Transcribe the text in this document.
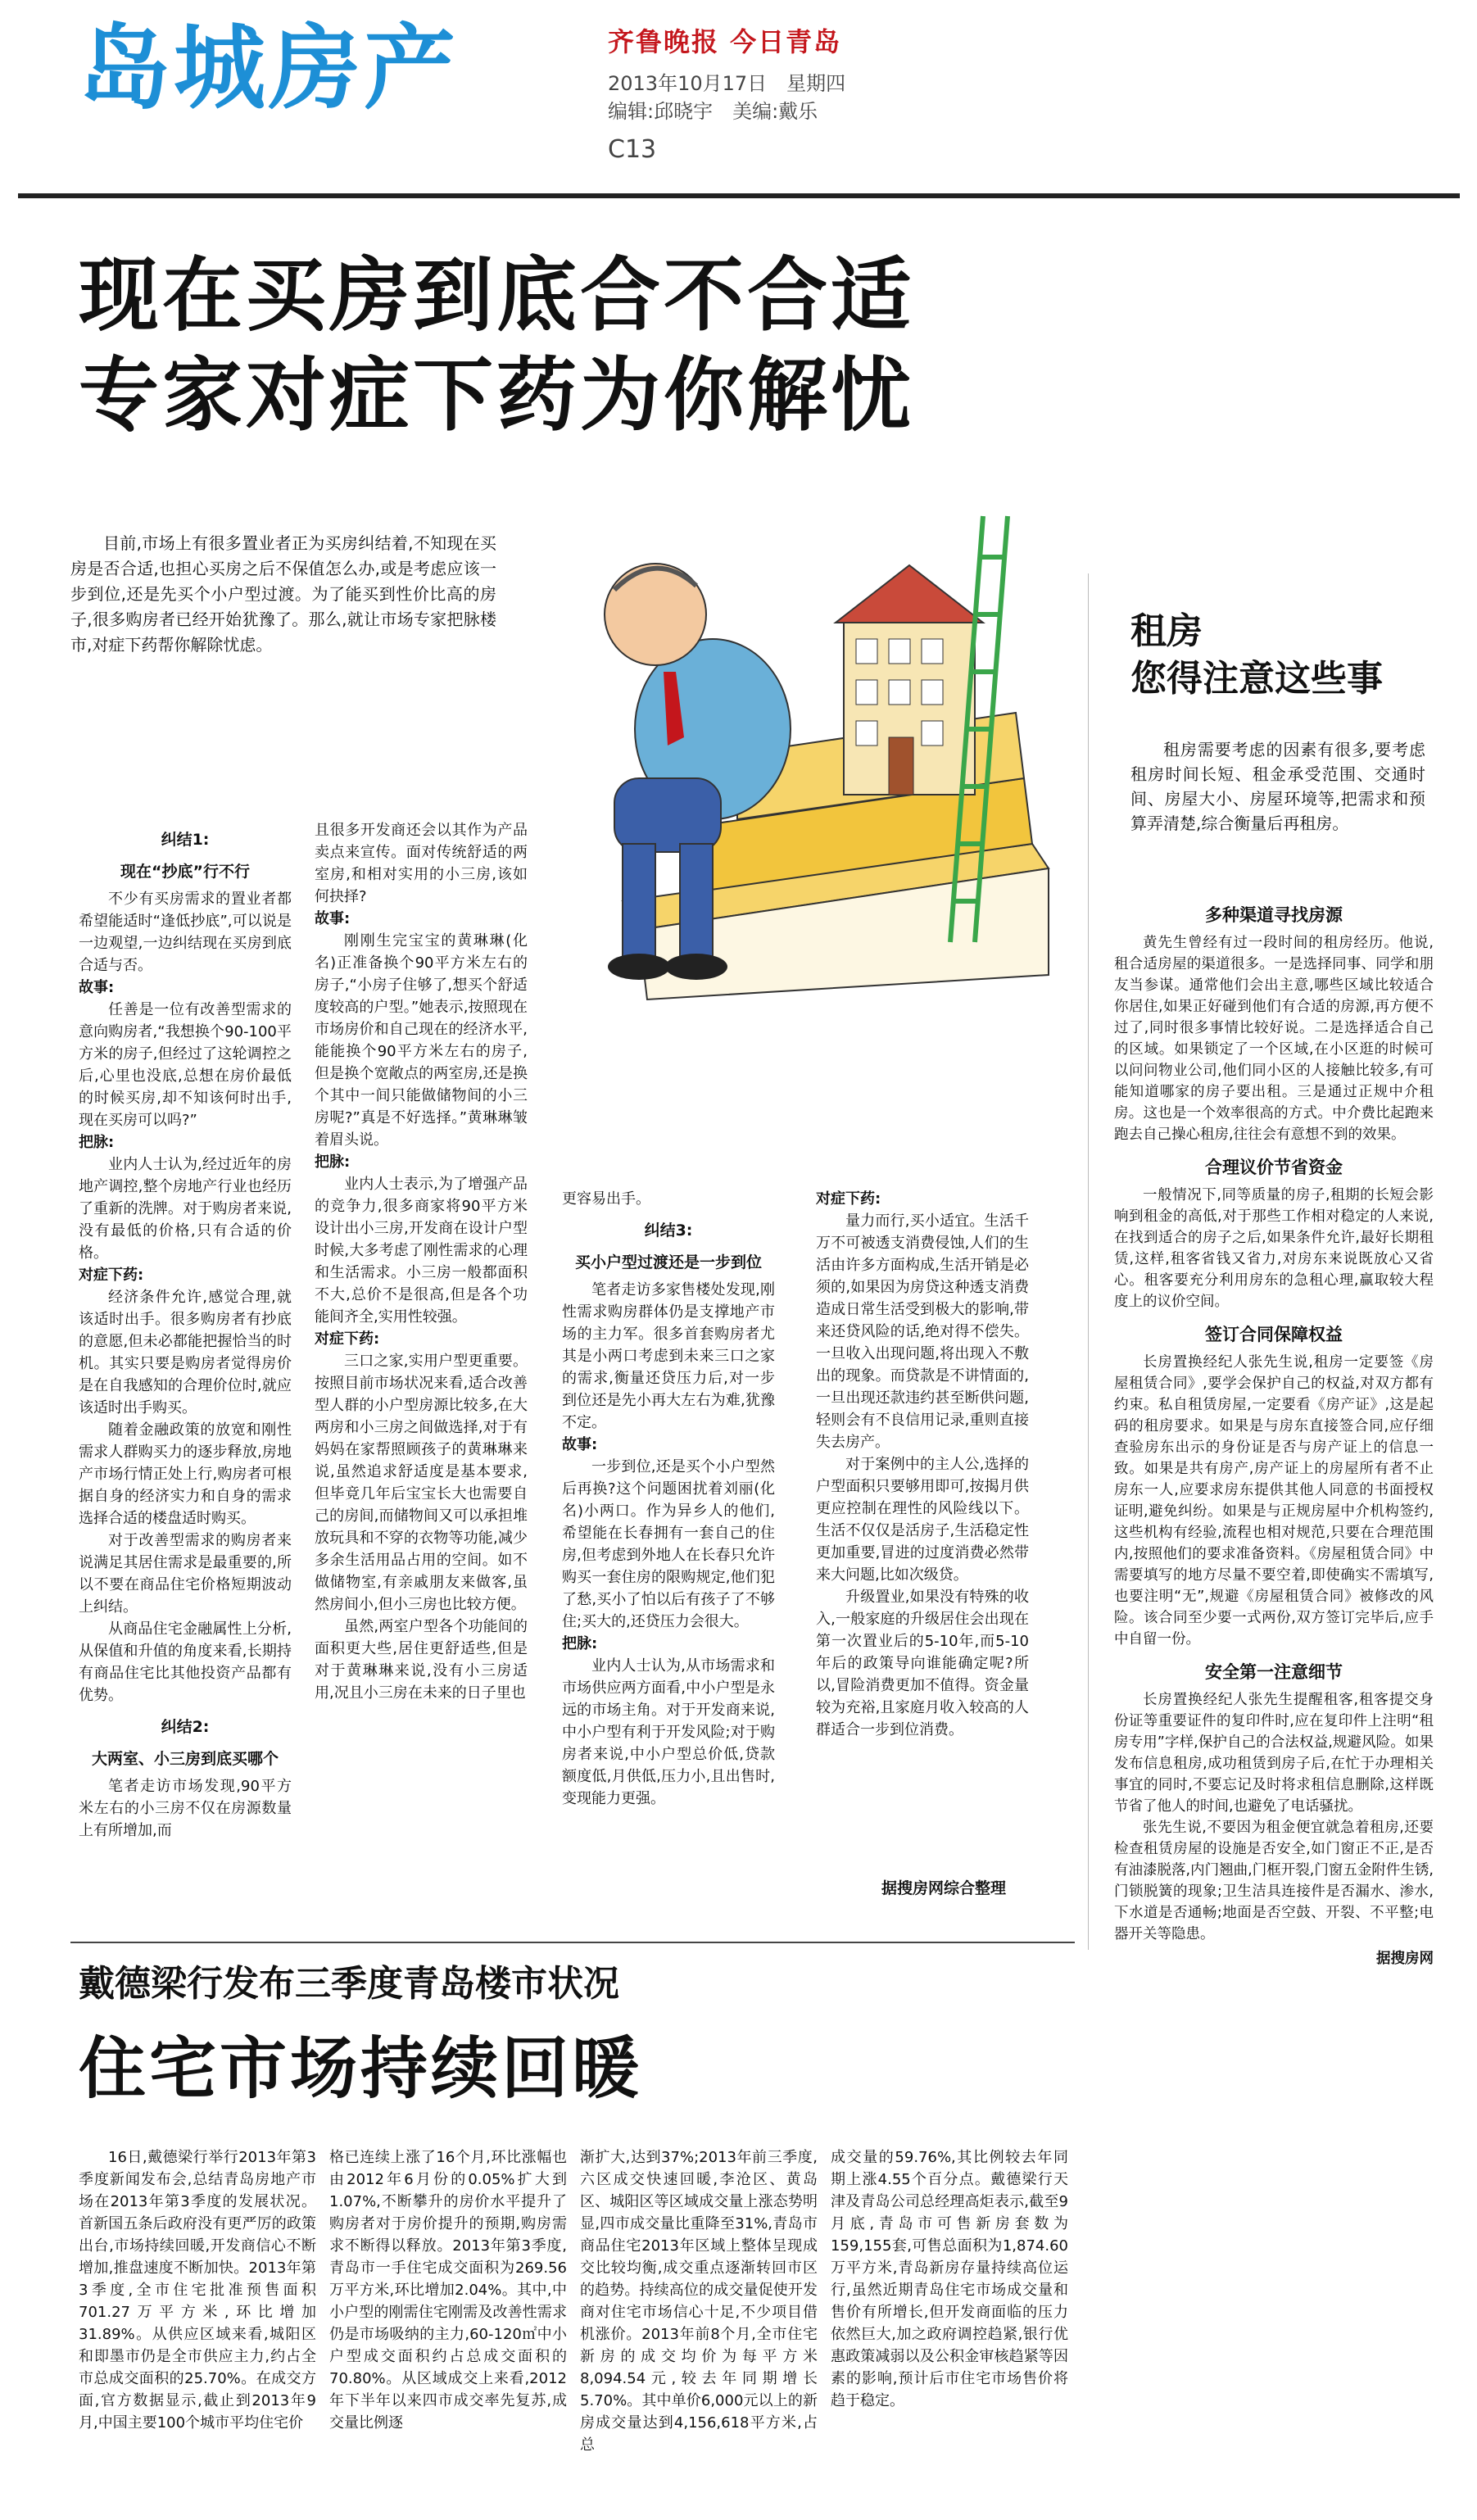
岛城房产	齐鲁晚报 今日青岛
2013年10月17日　星期四
编辑:邱晓宇　美编:戴乐
C13
现在买房到底合不合适
专家对症下药为你解忧

目前,市场上有很多置业者正为买房纠结着,不知现在买房是否合适,也担心买房之后不保值怎么办,或是考虑应该一步到位,还是先买个小户型过渡。为了能买到性价比高的房子,很多购房者已经开始犹豫了。那么,就让市场专家把脉楼市,对症下药帮你解除忧虑。

纠结1:

现在“抄底”行不行

不少有买房需求的置业者都希望能适时“逢低抄底”,可以说是一边观望,一边纠结现在买房到底合适与否。

故事:

任善是一位有改善型需求的意向购房者,“我想换个90-100平方米的房子,但经过了这轮调控之后,心里也没底,总想在房价最低的时候买房,却不知该何时出手,现在买房可以吗?”

把脉:

业内人士认为,经过近年的房地产调控,整个房地产行业也经历了重新的洗牌。对于购房者来说,没有最低的价格,只有合适的价格。

对症下药:

经济条件允许,感觉合理,就该适时出手。很多购房者有抄底的意愿,但未必都能把握恰当的时机。其实只要是购房者觉得房价是在自我感知的合理价位时,就应该适时出手购买。

随着金融政策的放宽和刚性需求人群购买力的逐步释放,房地产市场行情正处上行,购房者可根据自身的经济实力和自身的需求选择合适的楼盘适时购买。

对于改善型需求的购房者来说满足其居住需求是最重要的,所以不要在商品住宅价格短期波动上纠结。

从商品住宅金融属性上分析,从保值和升值的角度来看,长期持有商品住宅比其他投资产品都有优势。

纠结2:

大两室、小三房到底买哪个

笔者走访市场发现,90平方米左右的小三房不仅在房源数量上有所增加,而

且很多开发商还会以其作为产品卖点来宣传。面对传统舒适的两室房,和相对实用的小三房,该如何抉择?

故事:

刚刚生完宝宝的黄琳琳(化名)正准备换个90平方米左右的房子,“小房子住够了,想买个舒适度较高的户型。”她表示,按照现在市场房价和自己现在的经济水平,能能换个90平方米左右的房子,但是换个宽敞点的两室房,还是换个其中一间只能做储物间的小三房呢?”真是不好选择。”黄琳琳皱着眉头说。

把脉:

业内人士表示,为了增强产品的竞争力,很多商家将90平方米设计出小三房,开发商在设计户型时候,大多考虑了刚性需求的心理和生活需求。小三房一般都面积不大,总价不是很高,但是各个功能间齐全,实用性较强。

对症下药:

三口之家,实用户型更重要。按照目前市场状况来看,适合改善型人群的小户型房源比较多,在大两房和小三房之间做选择,对于有妈妈在家帮照顾孩子的黄琳琳来说,虽然追求舒适度是基本要求,但毕竟几年后宝宝长大也需要自己的房间,而储物间又可以承担堆放玩具和不穿的衣物等功能,减少多余生活用品占用的空间。如不做储物室,有亲戚朋友来做客,虽然房间小,但小三房也比较方便。

虽然,两室户型各个功能间的面积更大些,居住更舒适些,但是对于黄琳琳来说,没有小三房适用,况且小三房在未来的日子里也

更容易出手。

纠结3:

买小户型过渡还是一步到位

笔者走访多家售楼处发现,刚性需求购房群体仍是支撑地产市场的主力军。很多首套购房者尤其是小两口考虑到未来三口之家的需求,衡量还贷压力后,对一步到位还是先小再大左右为难,犹豫不定。

故事:

一步到位,还是买个小户型然后再换?这个问题困扰着刘丽(化名)小两口。作为异乡人的他们,希望能在长春拥有一套自己的住房,但考虑到外地人在长春只允许购买一套住房的限购规定,他们犯了愁,买小了怕以后有孩子了不够住;买大的,还贷压力会很大。

把脉:

业内人士认为,从市场需求和市场供应两方面看,中小户型是永远的市场主角。对于开发商来说,中小户型有利于开发风险;对于购房者来说,中小户型总价低,贷款额度低,月供低,压力小,且出售时,变现能力更强。

对症下药:

量力而行,买小适宜。生活千万不可被透支消费侵蚀,人们的生活由许多方面构成,生活开销是必须的,如果因为房贷这种透支消费造成日常生活受到极大的影响,带来还贷风险的话,绝对得不偿失。一旦收入出现问题,将出现入不敷出的现象。而贷款是不讲情面的,一旦出现还款违约甚至断供问题,轻则会有不良信用记录,重则直接失去房产。

对于案例中的主人公,选择的户型面积只要够用即可,按揭月供更应控制在理性的风险线以下。生活不仅仅是活房子,生活稳定性更加重要,冒进的过度消费必然带来大问题,比如次级贷。

升级置业,如果没有特殊的收入,一般家庭的升级居住会出现在第一次置业后的5-10年,而5-10年后的政策导向谁能确定呢?所以,冒险消费更加不值得。资金量较为充裕,且家庭月收入较高的人群适合一步到位消费。

据搜房网综合整理
租房
您得注意这些事

租房需要考虑的因素有很多,要考虑租房时间长短、租金承受范围、交通时间、房屋大小、房屋环境等,把需求和预算弄清楚,综合衡量后再租房。

多种渠道寻找房源

黄先生曾经有过一段时间的租房经历。他说,租合适房屋的渠道很多。一是选择同事、同学和朋友当参谋。通常他们会出主意,哪些区域比较适合你居住,如果正好碰到他们有合适的房源,再方便不过了,同时很多事情比较好说。二是选择适合自己的区域。如果锁定了一个区域,在小区逛的时候可以问问物业公司,他们同小区的人接触比较多,有可能知道哪家的房子要出租。三是通过正规中介租房。这也是一个效率很高的方式。中介费比起跑来跑去自己操心租房,往往会有意想不到的效果。

合理议价节省资金

一般情况下,同等质量的房子,租期的长短会影响到租金的高低,对于那些工作相对稳定的人来说,在找到适合的房子之后,如果条件允许,最好长期租赁,这样,租客省钱又省力,对房东来说既放心又省心。租客要充分利用房东的急租心理,赢取较大程度上的议价空间。

签订合同保障权益

长房置换经纪人张先生说,租房一定要签《房屋租赁合同》,要学会保护自己的权益,对双方都有约束。私自租赁房屋,一定要看《房产证》,这是起码的租房要求。如果是与房东直接签合同,应仔细查验房东出示的身份证是否与房产证上的信息一致。如果是共有房产,房产证上的房屋所有者不止房东一人,应要求房东提供其他人同意的书面授权证明,避免纠纷。如果是与正规房屋中介机构签约,这些机构有经验,流程也相对规范,只要在合理范围内,按照他们的要求准备资料。《房屋租赁合同》中需要填写的地方尽量不要空着,即使确实不需填写,也要注明“无”,规避《房屋租赁合同》被修改的风险。该合同至少要一式两份,双方签订完毕后,应手中自留一份。

安全第一注意细节

长房置换经纪人张先生提醒租客,租客提交身份证等重要证件的复印件时,应在复印件上注明“租房专用”字样,保护自己的合法权益,规避风险。如果发布信息租房,成功租赁到房子后,在忙于办理相关事宜的同时,不要忘记及时将求租信息删除,这样既节省了他人的时间,也避免了电话骚扰。

张先生说,不要因为租金便宜就急着租房,还要检查租赁房屋的设施是否安全,如门窗正不正,是否有油漆脱落,内门翘曲,门框开裂,门窗五金附件生锈,门锁脱簧的现象;卫生洁具连接件是否漏水、渗水,下水道是否通畅;地面是否空鼓、开裂、不平整;电器开关等隐患。

据搜房网
戴德梁行发布三季度青岛楼市状况
住宅市场持续回暖

16日,戴德梁行举行2013年第3季度新闻发布会,总结青岛房地产市场在2013年第3季度的发展状况。首新国五条后政府没有更严厉的政策出台,市场持续回暖,开发商信心不断增加,推盘速度不断加快。2013年第3季度,全市住宅批准预售面积701.27万平方米,环比增加31.89%。从供应区域来看,城阳区和即墨市仍是全市供应主力,约占全市总成交面积的25.70%。在成交方面,官方数据显示,截止到2013年9月,中国主要100个城市平均住宅价

格已连续上涨了16个月,环比涨幅也由2012年6月份的0.05%扩大到1.07%,不断攀升的房价水平提升了购房者对于房价提升的预期,购房需求不断得以释放。2013年第3季度,青岛市一手住宅成交面积为269.56万平方米,环比增加2.04%。其中,中小户型的刚需住宅刚需及改善性需求仍是市场吸纳的主力,60-120㎡中小户型成交面积约占总成交面积的70.80%。从区域成交上来看,2012年下半年以来四市成交率先复苏,成交量比例逐

渐扩大,达到37%;2013年前三季度,六区成交快速回暖,李沧区、黄岛区、城阳区等区域成交量上涨态势明显,四市成交量比重降至31%,青岛市商品住宅2013年区域上整体呈现成交比较均衡,成交重点逐渐转回市区的趋势。持续高位的成交量促使开发商对住宅市场信心十足,不少项目借机涨价。2013年前8个月,全市住宅新房的成交均价为每平方米8,094.54元,较去年同期增长5.70%。其中单价6,000元以上的新房成交量达到4,156,618平方米,占总

成交量的59.76%,其比例较去年同期上涨4.55个百分点。戴德梁行天津及青岛公司总经理高炬表示,截至9月底,青岛市可售新房套数为159,155套,可售总面积为1,874.60万平方米,青岛新房存量持续高位运行,虽然近期青岛住宅市场成交量和售价有所增长,但开发商面临的压力依然巨大,加之政府调控趋紧,银行优惠政策减弱以及公积金审核趋紧等因素的影响,预计后市住宅市场售价将趋于稳定。
